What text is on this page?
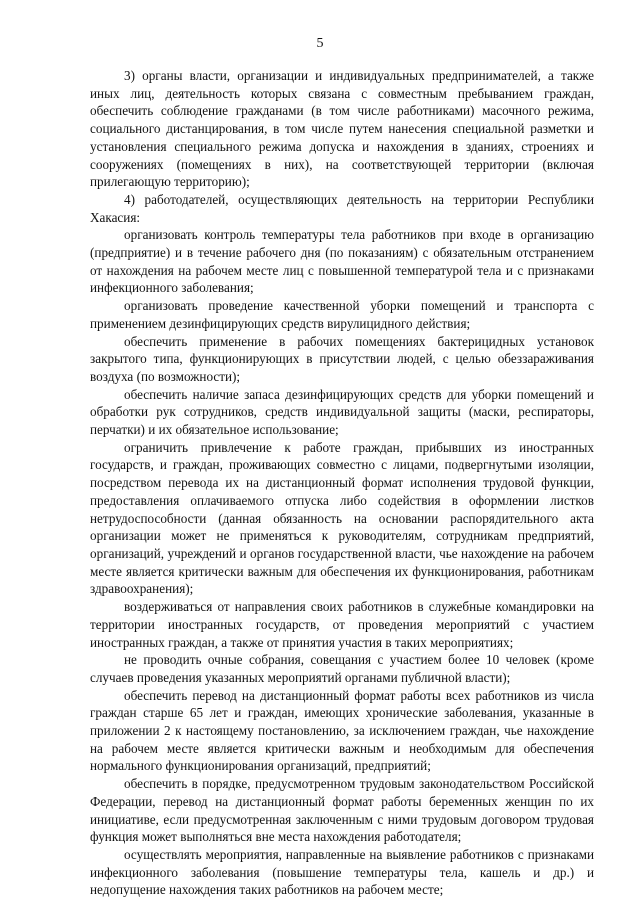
5

3) органы власти, организации и индивидуальных предпринимателей, а также иных лиц, деятельность которых связана с совместным пребыванием граждан, обеспечить соблюдение гражданами (в том числе работниками) масочного режима, социального дистанцирования, в том числе путем нанесения специальной разметки и установления специального режима допуска и нахождения в зданиях, строениях и сооружениях (помещениях в них), на соответствующей территории (включая прилегающую территорию);

4) работодателей, осуществляющих деятельность на территории Республики Хакасия:

организовать контроль температуры тела работников при входе в организацию (предприятие) и в течение рабочего дня (по показаниям) с обязательным отстранением от нахождения на рабочем месте лиц с повышенной температурой тела и с признаками инфекционного заболевания;

организовать проведение качественной уборки помещений и транспорта с применением дезинфицирующих средств вирулицидного действия;

обеспечить применение в рабочих помещениях бактерицидных установок закрытого типа, функционирующих в присутствии людей, с целью обеззараживания воздуха (по возможности);

обеспечить наличие запаса дезинфицирующих средств для уборки помещений и обработки рук сотрудников, средств индивидуальной защиты (маски, респираторы, перчатки) и их обязательное использование;

ограничить привлечение к работе граждан, прибывших из иностранных государств, и граждан, проживающих совместно с лицами, подвергнутыми изоляции, посредством перевода их на дистанционный формат исполнения трудовой функции, предоставления оплачиваемого отпуска либо содействия в оформлении листков нетрудоспособности (данная обязанность на основании распорядительного акта организации может не применяться к руководителям, сотрудникам предприятий, организаций, учреждений и органов государственной власти, чье нахождение на рабочем месте является критически важным для обеспечения их функционирования, работникам здравоохранения);

воздерживаться от направления своих работников в служебные командировки на территории иностранных государств, от проведения мероприятий с участием иностранных граждан, а также от принятия участия в таких мероприятиях;

не проводить очные собрания, совещания с участием более 10 человек (кроме случаев проведения указанных мероприятий органами публичной власти);

обеспечить перевод на дистанционный формат работы всех работников из числа граждан старше 65 лет и граждан, имеющих хронические заболевания, указанные в приложении 2 к настоящему постановлению, за исключением граждан, чье нахождение на рабочем месте является критически важным и необходимым для обеспечения нормального функционирования организаций, предприятий;

обеспечить в порядке, предусмотренном трудовым законодательством Российской Федерации, перевод на дистанционный формат работы беременных женщин по их инициативе, если предусмотренная заключенным с ними трудовым договором трудовая функция может выполняться вне места нахождения работодателя;

осуществлять мероприятия, направленные на выявление работников с признаками инфекционного заболевания (повышение температуры тела, кашель и др.) и недопущение нахождения таких работников на рабочем месте;
